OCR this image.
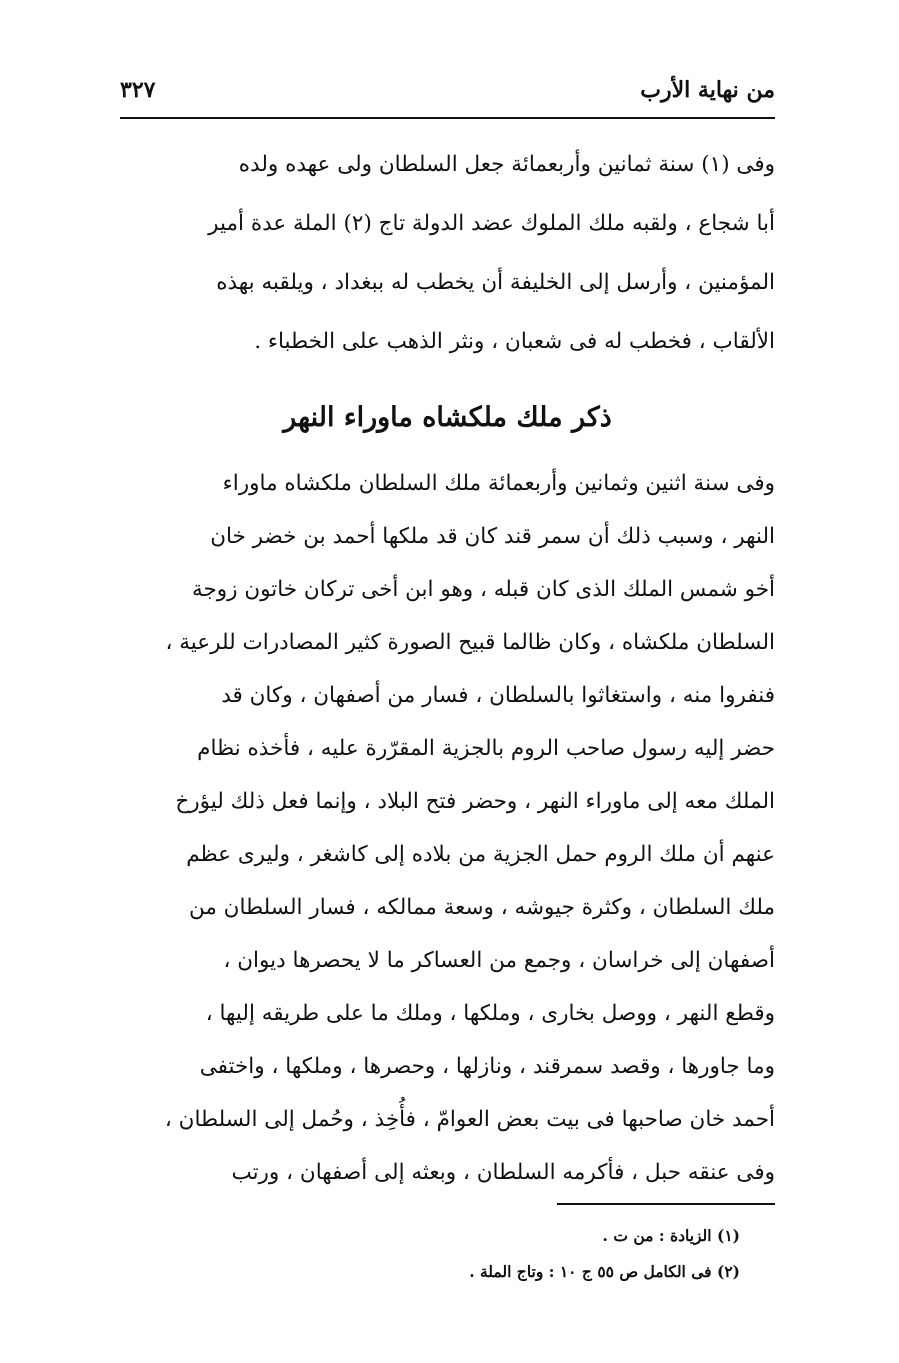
من نهاية الأرب
٣٢٧
وفى (١) سنة ثمانين وأربعمائة جعل السلطان ولى عهده ولده
أبا شجاع ، ولقبه ملك الملوك عضد الدولة تاج (٢) الملة عدة أمير
المؤمنين ، وأرسل إلى الخليفة أن يخطب له ببغداد ، ويلقبه بهذه
الألقاب ، فخطب له فى شعبان ، ونثر الذهب على الخطباء .
ذكر ملك ملكشاه ماوراء النهر
وفى سنة اثنين وثمانين وأربعمائة ملك السلطان ملكشاه ماوراء
النهر ، وسبب ذلك أن سمر قند كان قد ملكها أحمد بن خضر خان
أخو شمس الملك الذى كان قبله ، وهو ابن أخى تركان خاتون زوجة
السلطان ملكشاه ، وكان ظالما قبيح الصورة كثير المصادرات للرعية ،
فنفروا منه ، واستغاثوا بالسلطان ، فسار من أصفهان ، وكان قد
حضر إليه رسول صاحب الروم بالجزية المقرّرة عليه ، فأخذه نظام
الملك معه إلى ماوراء النهر ، وحضر فتح البلاد ، وإنما فعل ذلك ليؤرخ
عنهم أن ملك الروم حمل الجزية من بلاده إلى كاشغر ، وليرى عظم
ملك السلطان ، وكثرة جيوشه ، وسعة ممالكه ، فسار السلطان من
أصفهان إلى خراسان ، وجمع من العساكر ما لا يحصرها ديوان ،
وقطع النهر ، ووصل بخارى ، وملكها ، وملك ما على طريقه إليها ،
وما جاورها ، وقصد سمرقند ، ونازلها ، وحصرها ، وملكها ، واختفى
أحمد خان صاحبها فى بيت بعض العوامّ ، فأُخِذ ، وحُمل إلى السلطان ،
وفى عنقه حبل ، فأكرمه السلطان ، وبعثه إلى أصفهان ، ورتب
(١) الزيادة : من ت .
(٢) فى الكامل ص ٥٥ ج ١٠ : وتاج الملة .
